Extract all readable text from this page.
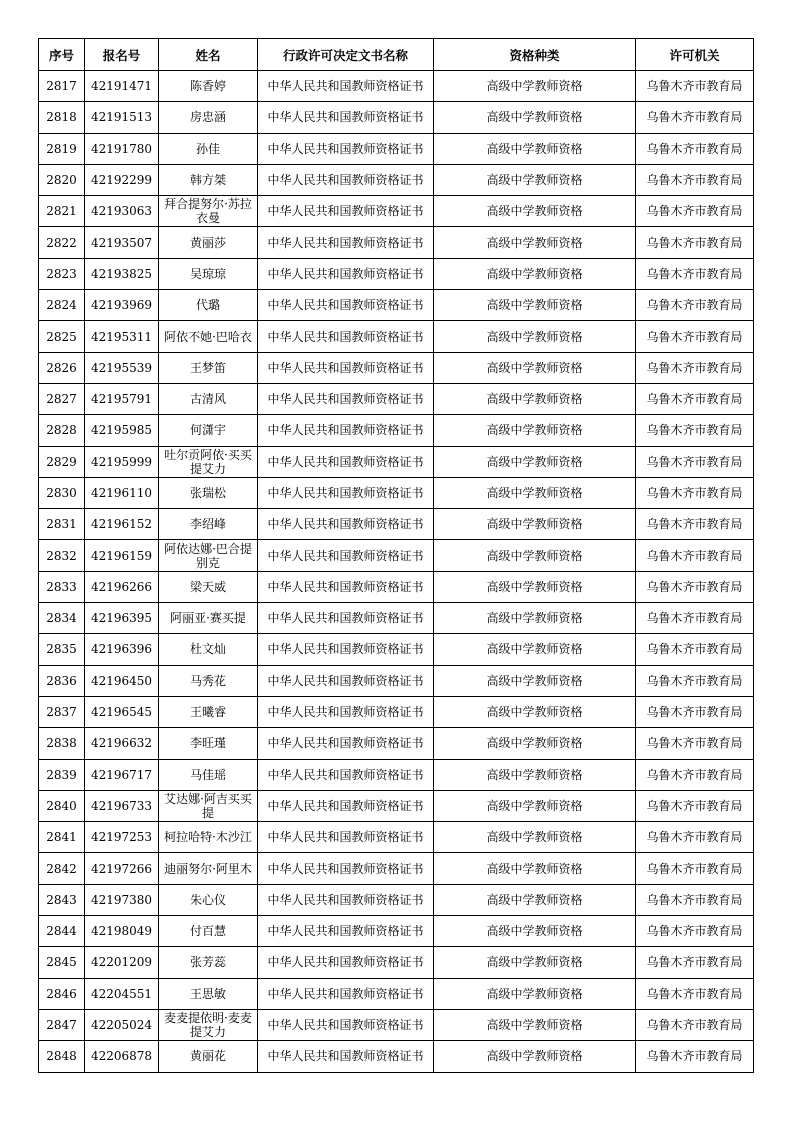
序号	报名号	姓名	行政许可决定文书名称	资格种类	许可机关
2817	42191471	陈香婷	中华人民共和国教师资格证书	高级中学教师资格	乌鲁木齐市教育局
2818	42191513	房忠涵	中华人民共和国教师资格证书	高级中学教师资格	乌鲁木齐市教育局
2819	42191780	孙佳	中华人民共和国教师资格证书	高级中学教师资格	乌鲁木齐市教育局
2820	42192299	韩方桀	中华人民共和国教师资格证书	高级中学教师资格	乌鲁木齐市教育局
2821	42193063	拜合提努尔·苏拉衣曼	中华人民共和国教师资格证书	高级中学教师资格	乌鲁木齐市教育局
2822	42193507	黄丽莎	中华人民共和国教师资格证书	高级中学教师资格	乌鲁木齐市教育局
2823	42193825	吴琼琼	中华人民共和国教师资格证书	高级中学教师资格	乌鲁木齐市教育局
2824	42193969	代璐	中华人民共和国教师资格证书	高级中学教师资格	乌鲁木齐市教育局
2825	42195311	阿依不她·巴哈衣	中华人民共和国教师资格证书	高级中学教师资格	乌鲁木齐市教育局
2826	42195539	王梦笛	中华人民共和国教师资格证书	高级中学教师资格	乌鲁木齐市教育局
2827	42195791	古清风	中华人民共和国教师资格证书	高级中学教师资格	乌鲁木齐市教育局
2828	42195985	何潇宇	中华人民共和国教师资格证书	高级中学教师资格	乌鲁木齐市教育局
2829	42195999	吐尔贡阿依·买买提艾力	中华人民共和国教师资格证书	高级中学教师资格	乌鲁木齐市教育局
2830	42196110	张瑞松	中华人民共和国教师资格证书	高级中学教师资格	乌鲁木齐市教育局
2831	42196152	李绍峰	中华人民共和国教师资格证书	高级中学教师资格	乌鲁木齐市教育局
2832	42196159	阿依达娜·巴合提别克	中华人民共和国教师资格证书	高级中学教师资格	乌鲁木齐市教育局
2833	42196266	梁天威	中华人民共和国教师资格证书	高级中学教师资格	乌鲁木齐市教育局
2834	42196395	阿丽亚·赛买提	中华人民共和国教师资格证书	高级中学教师资格	乌鲁木齐市教育局
2835	42196396	杜文灿	中华人民共和国教师资格证书	高级中学教师资格	乌鲁木齐市教育局
2836	42196450	马秀花	中华人民共和国教师资格证书	高级中学教师资格	乌鲁木齐市教育局
2837	42196545	王曦睿	中华人民共和国教师资格证书	高级中学教师资格	乌鲁木齐市教育局
2838	42196632	李旺瑾	中华人民共和国教师资格证书	高级中学教师资格	乌鲁木齐市教育局
2839	42196717	马佳瑶	中华人民共和国教师资格证书	高级中学教师资格	乌鲁木齐市教育局
2840	42196733	艾达娜·阿吉买买提	中华人民共和国教师资格证书	高级中学教师资格	乌鲁木齐市教育局
2841	42197253	柯拉哈特·木沙江	中华人民共和国教师资格证书	高级中学教师资格	乌鲁木齐市教育局
2842	42197266	迪丽努尔·阿里木	中华人民共和国教师资格证书	高级中学教师资格	乌鲁木齐市教育局
2843	42197380	朱心仪	中华人民共和国教师资格证书	高级中学教师资格	乌鲁木齐市教育局
2844	42198049	付百慧	中华人民共和国教师资格证书	高级中学教师资格	乌鲁木齐市教育局
2845	42201209	张芳蕊	中华人民共和国教师资格证书	高级中学教师资格	乌鲁木齐市教育局
2846	42204551	王思敏	中华人民共和国教师资格证书	高级中学教师资格	乌鲁木齐市教育局
2847	42205024	麦麦提依明·麦麦提艾力	中华人民共和国教师资格证书	高级中学教师资格	乌鲁木齐市教育局
2848	42206878	黄丽花	中华人民共和国教师资格证书	高级中学教师资格	乌鲁木齐市教育局
